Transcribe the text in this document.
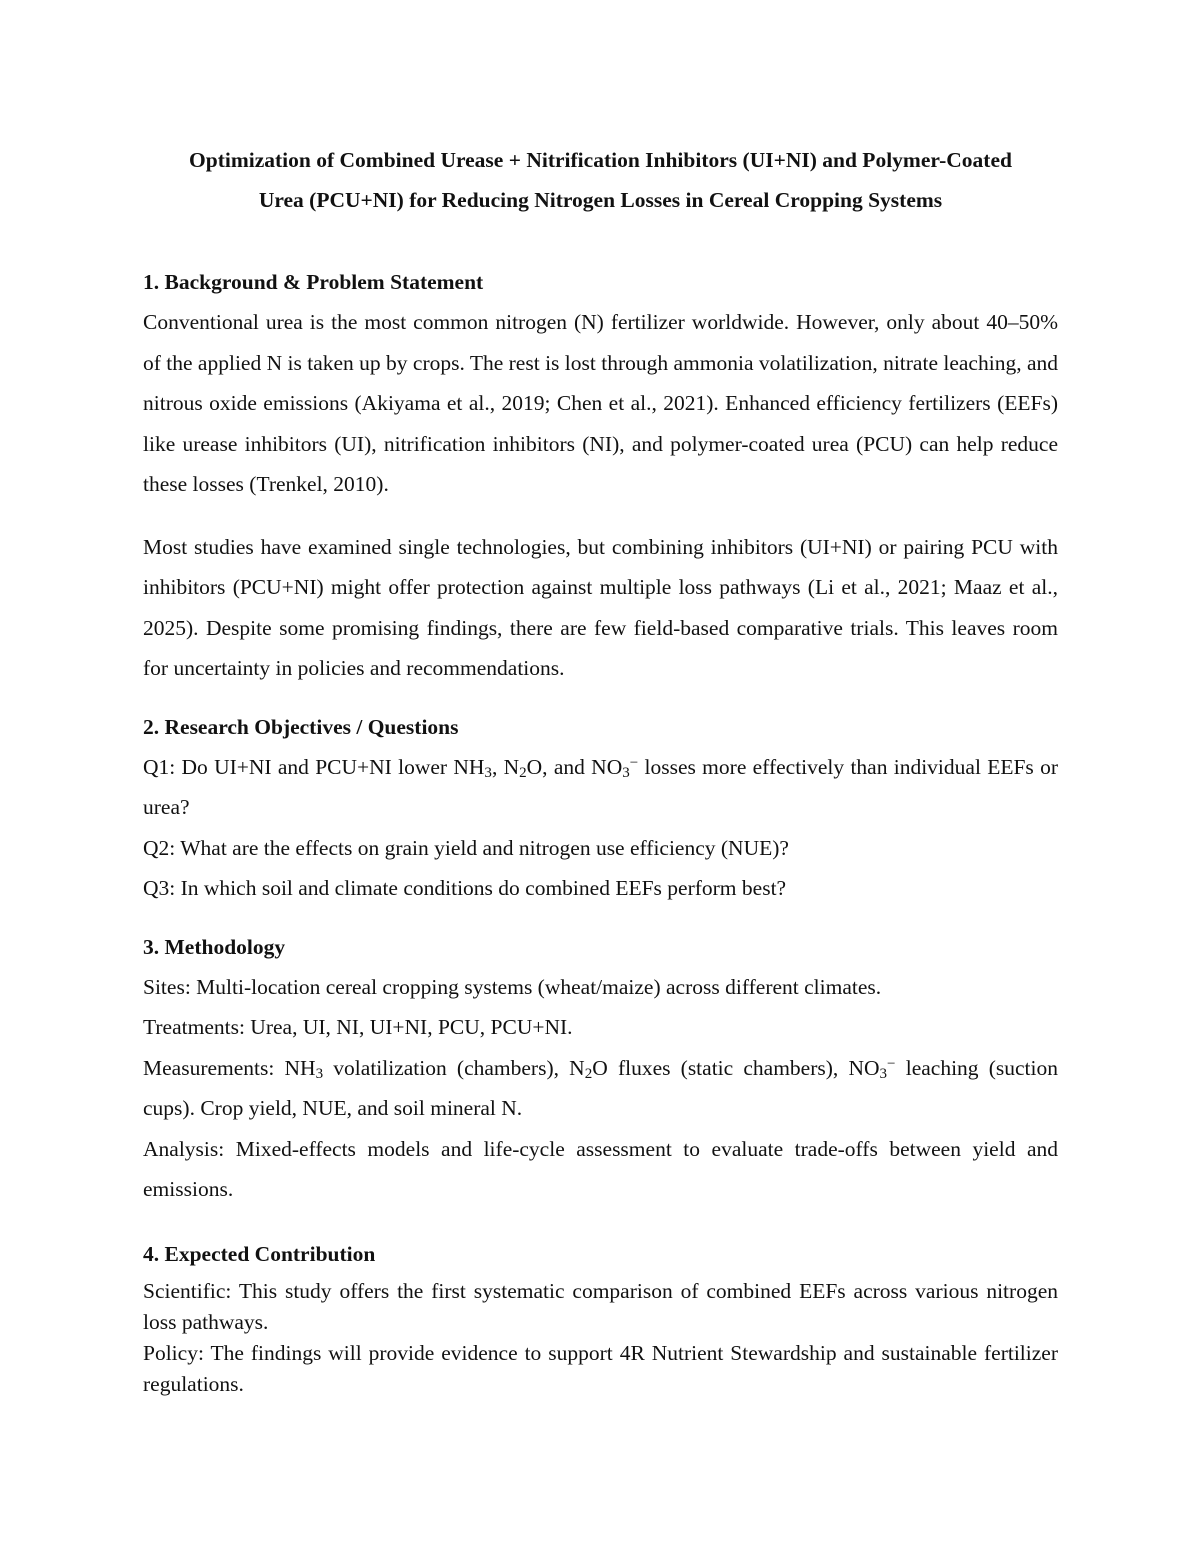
Optimization of Combined Urease + Nitrification Inhibitors (UI+NI) and Polymer-Coated
Urea (PCU+NI) for Reducing Nitrogen Losses in Cereal Cropping Systems
1. Background & Problem Statement

Conventional urea is the most common nitrogen (N) fertilizer worldwide. However, only about 40–50% of the applied N is taken up by crops. The rest is lost through ammonia volatilization, nitrate leaching, and nitrous oxide emissions (Akiyama et al., 2019; Chen et al., 2021). Enhanced efficiency fertilizers (EEFs) like urease inhibitors (UI), nitrification inhibitors (NI), and polymer-coated urea (PCU) can help reduce these losses (Trenkel, 2010).

Most studies have examined single technologies, but combining inhibitors (UI+NI) or pairing PCU with inhibitors (PCU+NI) might offer protection against multiple loss pathways (Li et al., 2021; Maaz et al., 2025). Despite some promising findings, there are few field-based comparative trials. This leaves room for uncertainty in policies and recommendations.

2. Research Objectives / Questions

Q1: Do UI+NI and PCU+NI lower $NH_3$, $N_2O$, and $NO_3^-$ losses more effectively than individual EEFs or urea?

Q2: What are the effects on grain yield and nitrogen use efficiency (NUE)?

Q3: In which soil and climate conditions do combined EEFs perform best?

3. Methodology

Sites: Multi-location cereal cropping systems (wheat/maize) across different climates.

Treatments: Urea, UI, NI, UI+NI, PCU, PCU+NI.

Measurements: $NH_3$ volatilization (chambers), $N_2O$ fluxes (static chambers), $NO_3^-$ leaching (suction cups). Crop yield, NUE, and soil mineral N.

Analysis: Mixed-effects models and life-cycle assessment to evaluate trade-offs between yield and emissions.

4. Expected Contribution

Scientific: This study offers the first systematic comparison of combined EEFs across various nitrogen loss pathways.

Policy: The findings will provide evidence to support 4R Nutrient Stewardship and sustainable fertilizer regulations.
